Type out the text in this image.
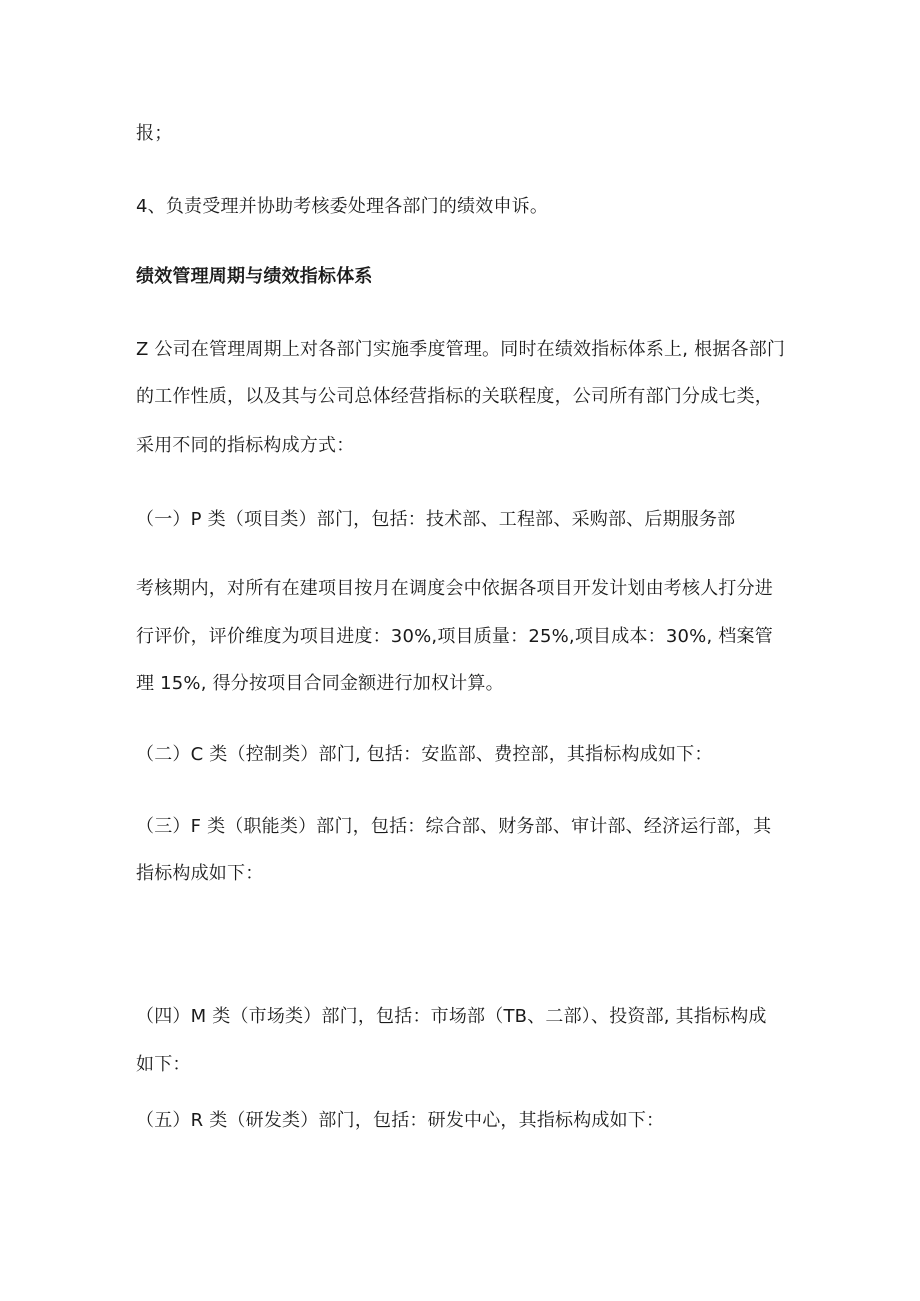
报；
4、负责受理并协助考核委处理各部门的绩效申诉。
绩效管理周期与绩效指标体系
Z 公司在管理周期上对各部门实施季度管理。同时在绩效指标体系上, 根据各部门
的工作性质，以及其与公司总体经营指标的关联程度，公司所有部门分成七类，
采用不同的指标构成方式：
（一）P 类（项目类）部门，包括：技术部、工程部、采购部、后期服务部
考核期内，对所有在建项目按月在调度会中依据各项目开发计划由考核人打分进
行评价，评价维度为项目进度：30%,项目质量：25%,项目成本：30%, 档案管
理 15%, 得分按项目合同金额进行加权计算。
（二）C 类（控制类）部门, 包括：安监部、费控部，其指标构成如下：
（三）F 类（职能类）部门，包括：综合部、财务部、审计部、经济运行部，其
指标构成如下：
（四）M 类（市场类）部门，包括：市场部（TB、二部）、投资部, 其指标构成
如下：
（五）R 类（研发类）部门，包括：研发中心，其指标构成如下：
